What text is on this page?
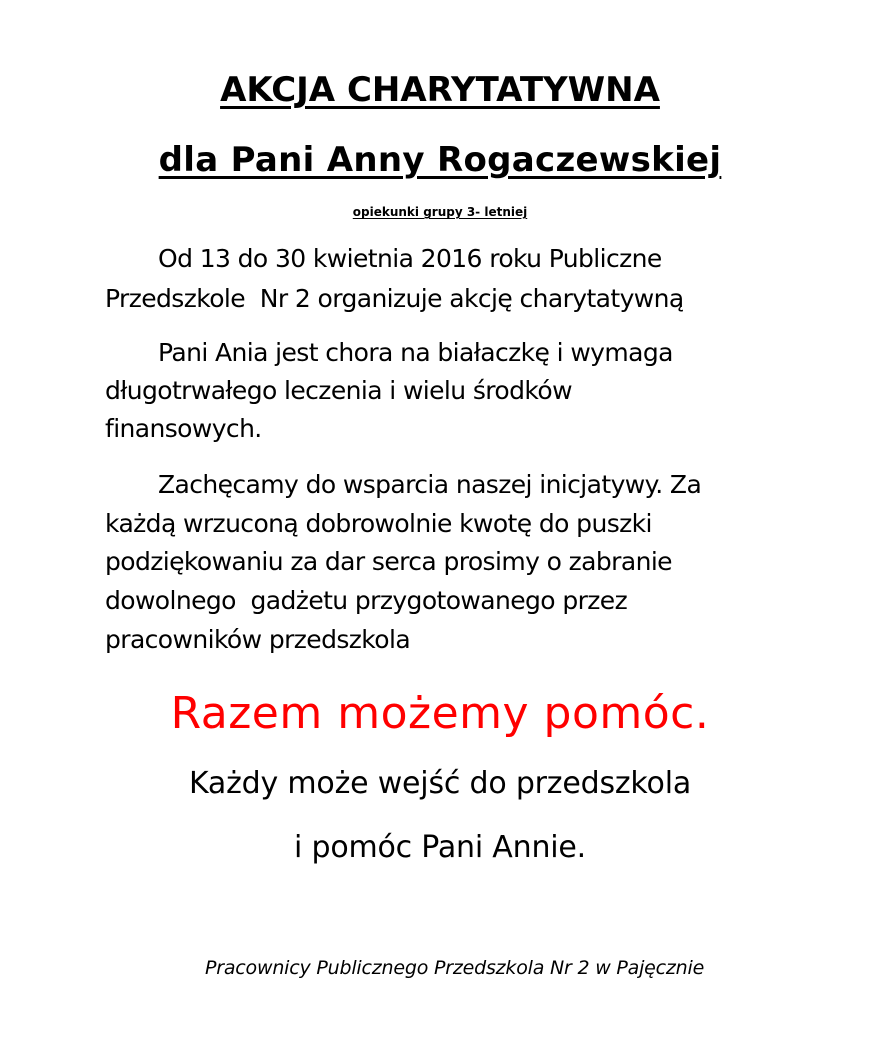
AKCJA CHARYTATYWNA
dla Pani Anny Rogaczewskiej
opiekunki grupy 3- letniej
Od 13 do 30 kwietnia 2016 roku Publiczne
Przedszkole  Nr 2 organizuje akcję charytatywną
Pani Ania jest chora na białaczkę i wymaga
długotrwałego leczenia i wielu środków
finansowych.
Zachęcamy do wsparcia naszej inicjatywy. Za
każdą wrzuconą dobrowolnie kwotę do puszki
podziękowaniu za dar serca prosimy o zabranie
dowolnego  gadżetu przygotowanego przez
pracowników przedszkola
Razem możemy pomóc.
Każdy może wejść do przedszkola
i pomóc Pani Annie.
Pracownicy Publicznego Przedszkola Nr 2 w Pajęcznie
